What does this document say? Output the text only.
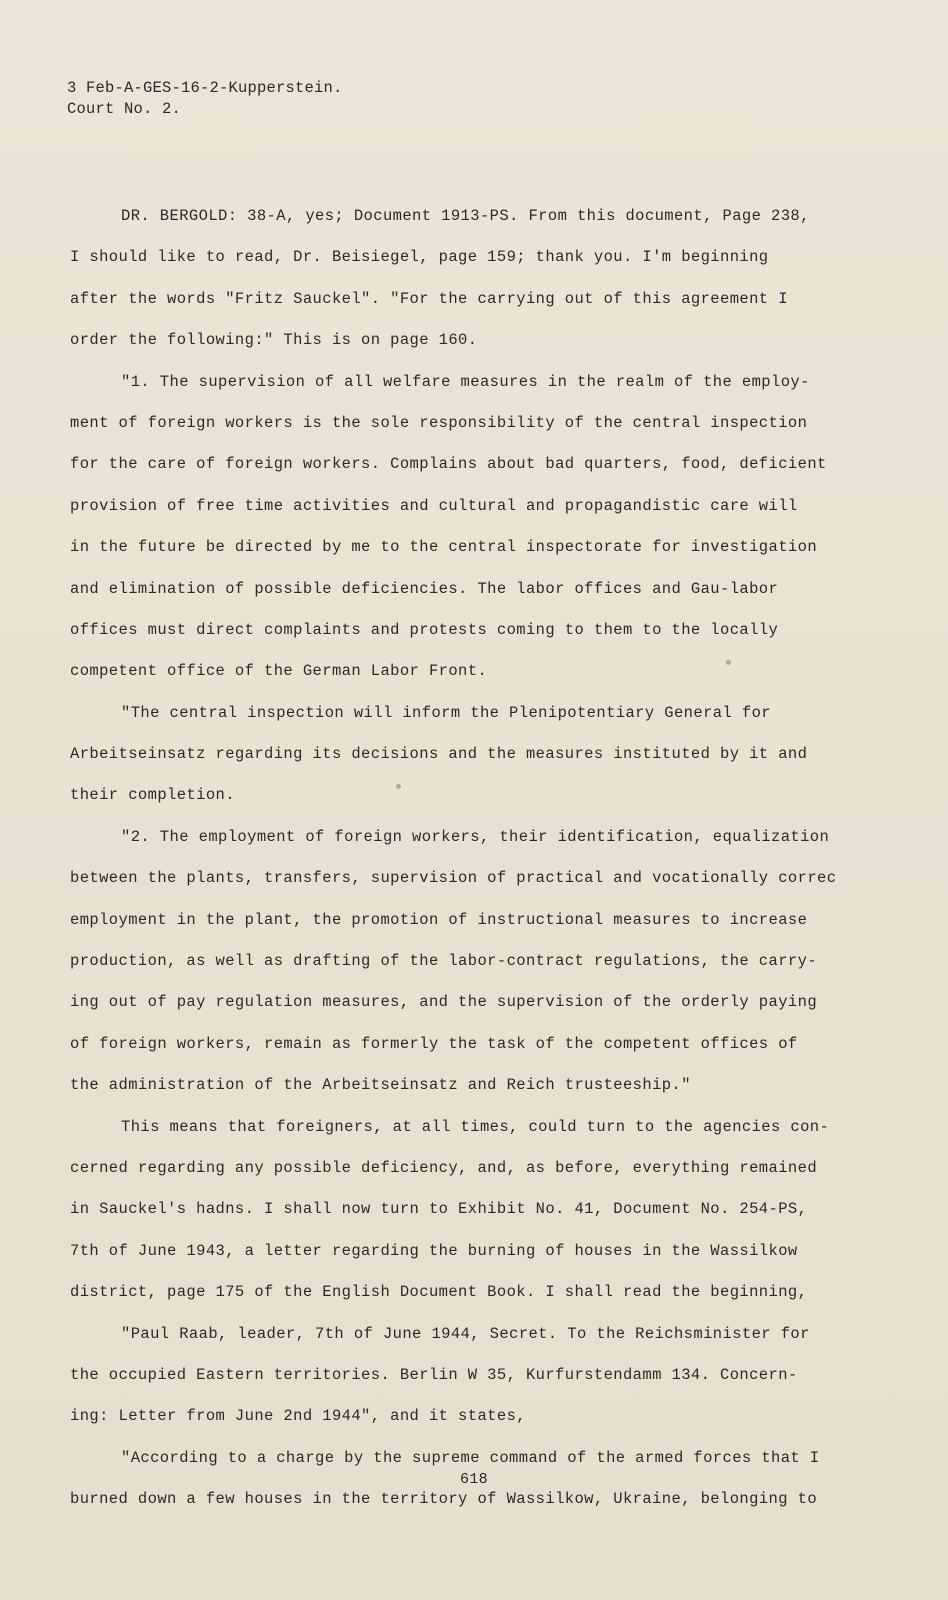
3 Feb-A-GES-16-2-Kupperstein.
Court No. 2.
DR. BERGOLD: 38-A, yes; Document 1913-PS. From this document, Page 238,
I should like to read, Dr. Beisiegel, page 159; thank you. I'm beginning
after the words "Fritz Sauckel". "For the carrying out of this agreement I
order the following:" This is on page 160.
"1. The supervision of all welfare measures in the realm of the employ-
ment of foreign workers is the sole responsibility of the central inspection
for the care of foreign workers. Complains about bad quarters, food, deficient
provision of free time activities and cultural and propagandistic care will
in the future be directed by me to the central inspectorate for investigation
and elimination of possible deficiencies. The labor offices and Gau-labor
offices must direct complaints and protests coming to them to the locally
competent office of the German Labor Front.
"The central inspection will inform the Plenipotentiary General for
Arbeitseinsatz regarding its decisions and the measures instituted by it and
their completion.
"2. The employment of foreign workers, their identification, equalization
between the plants, transfers, supervision of practical and vocationally correc
employment in the plant, the promotion of instructional measures to increase
production, as well as drafting of the labor-contract regulations, the carry-
ing out of pay regulation measures, and the supervision of the orderly paying
of foreign workers, remain as formerly the task of the competent offices of
the administration of the Arbeitseinsatz and Reich trusteeship."
This means that foreigners, at all times, could turn to the agencies con-
cerned regarding any possible deficiency, and, as before, everything remained
in Sauckel's hadns. I shall now turn to Exhibit No. 41, Document No. 254-PS,
7th of June 1943, a letter regarding the burning of houses in the Wassilkow
district, page 175 of the English Document Book. I shall read the beginning,
"Paul Raab, leader, 7th of June 1944, Secret. To the Reichsminister for
the occupied Eastern territories. Berlin W 35, Kurfurstendamm 134. Concern-
ing: Letter from June 2nd 1944", and it states,
"According to a charge by the supreme command of the armed forces that I
burned down a few houses in the territory of Wassilkow, Ukraine, belonging to
618
